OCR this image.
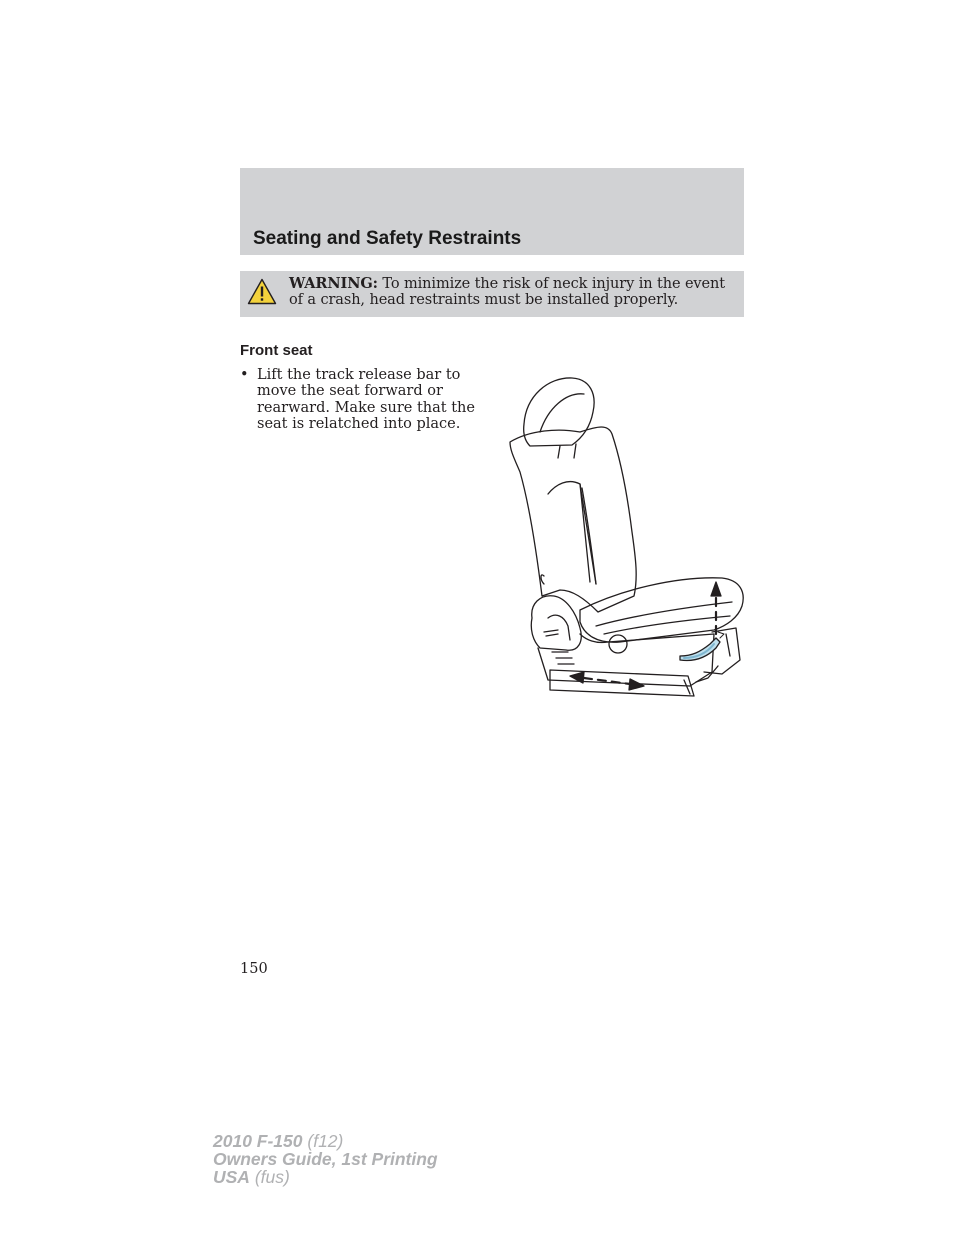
Seating and Safety Restraints

WARNING: To minimize the risk of neck injury in the event of a crash, head restraints must be installed properly.

Front seat
• Lift the track release bar to move the seat forward or rearward. Make sure that the seat is relatched into place.
150
2010 F-150 (f12)
Owners Guide, 1st Printing
USA (fus)
